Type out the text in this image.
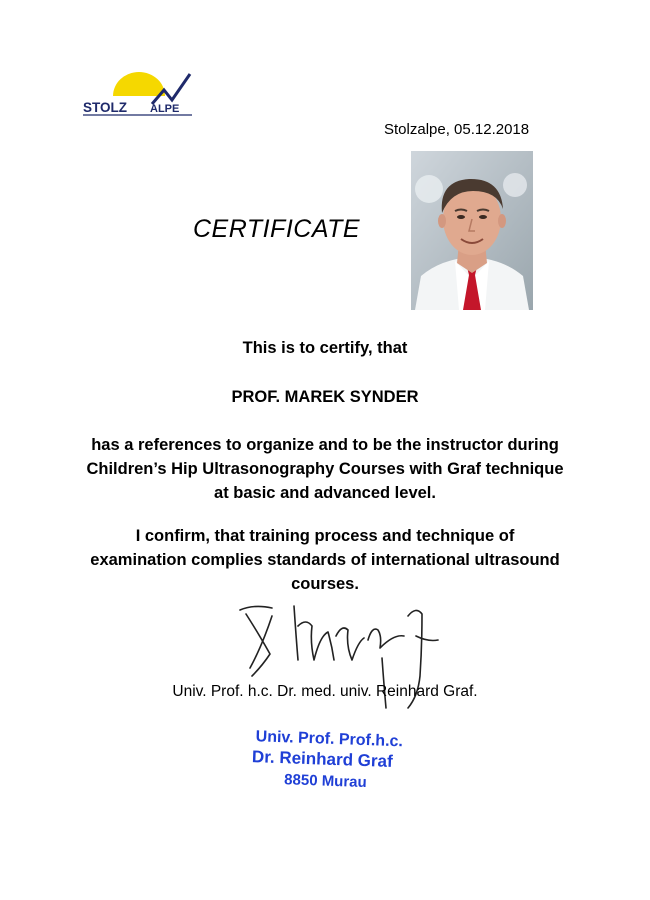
STOLZ ALPE
Stolzalpe, 05.12.2018
CERTIFICATE
This is to certify, that
PROF. MAREK SYNDER
has a references to organize and to be the instructor during
Children’s Hip Ultrasonography Courses with Graf technique
at basic and advanced level.
I confirm, that training process and technique of
examination complies standards of international ultrasound
courses.
Univ. Prof. h.c. Dr. med. univ. Reinhard Graf.
Univ. Prof. Prof.h.c.
Dr. Reinhard Graf
8850 Murau
